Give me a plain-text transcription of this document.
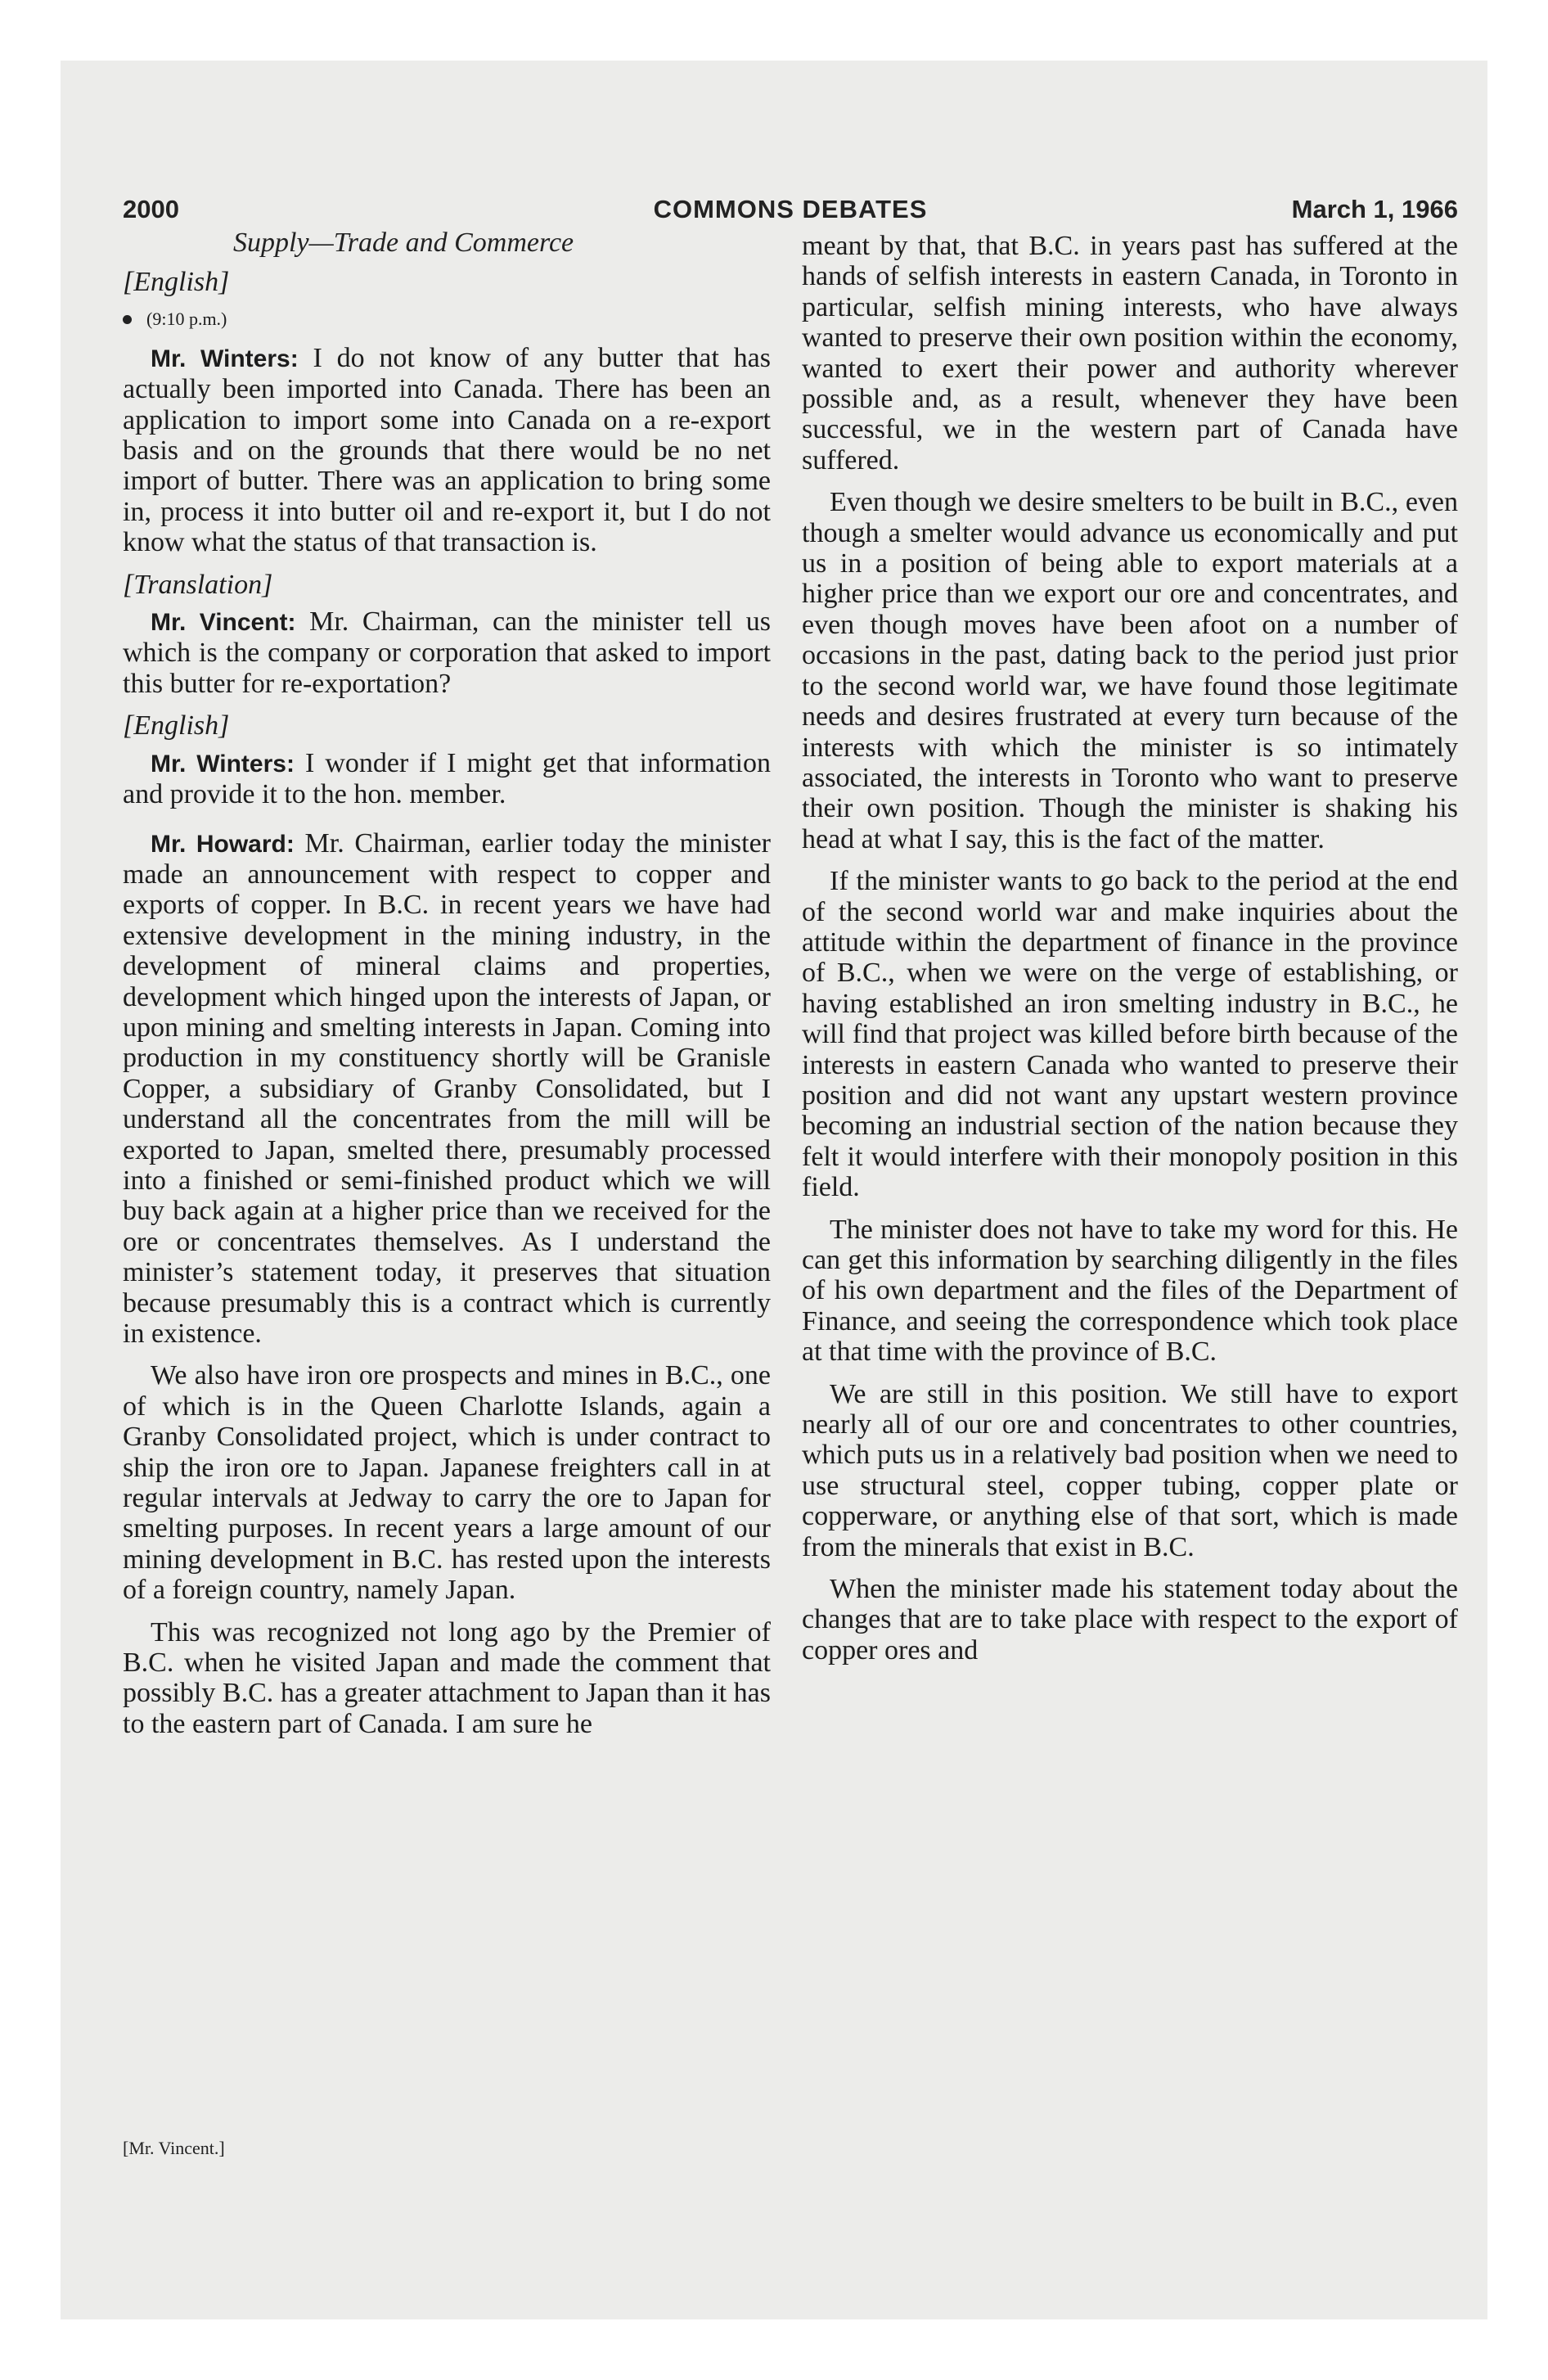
COMMONS DEBATES
2000	March 1, 1966
Supply—Trade and Commerce
[English]
(9:10 p.m.)

Mr. Winters: I do not know of any butter that has actually been imported into Canada. There has been an application to import some into Canada on a re-export basis and on the grounds that there would be no net import of butter. There was an application to bring some in, process it into butter oil and re-export it, but I do not know what the status of that transaction is.

[Translation]

Mr. Vincent: Mr. Chairman, can the minister tell us which is the company or corporation that asked to import this butter for re-exportation?

[English]

Mr. Winters: I wonder if I might get that information and provide it to the hon. member.

Mr. Howard: Mr. Chairman, earlier today the minister made an announcement with respect to copper and exports of copper. In B.C. in recent years we have had extensive development in the mining industry, in the development of mineral claims and properties, development which hinged upon the interests of Japan, or upon mining and smelting interests in Japan. Coming into production in my constituency shortly will be Granisle Copper, a subsidiary of Granby Consolidated, but I understand all the concentrates from the mill will be exported to Japan, smelted there, presumably processed into a finished or semi-finished product which we will buy back again at a higher price than we received for the ore or concentrates themselves. As I understand the minister’s statement today, it preserves that situation because presumably this is a contract which is currently in existence.

We also have iron ore prospects and mines in B.C., one of which is in the Queen Charlotte Islands, again a Granby Consolidated project, which is under contract to ship the iron ore to Japan. Japanese freighters call in at regular intervals at Jedway to carry the ore to Japan for smelting purposes. In recent years a large amount of our mining development in B.C. has rested upon the interests of a foreign country, namely Japan.

This was recognized not long ago by the Premier of B.C. when he visited Japan and made the comment that possibly B.C. has a greater attachment to Japan than it has to the eastern part of Canada. I am sure he

[Mr. Vincent.]

meant by that, that B.C. in years past has suffered at the hands of selfish interests in eastern Canada, in Toronto in particular, selfish mining interests, who have always wanted to preserve their own position within the economy, wanted to exert their power and authority wherever possible and, as a result, whenever they have been successful, we in the western part of Canada have suffered.

Even though we desire smelters to be built in B.C., even though a smelter would advance us economically and put us in a position of being able to export materials at a higher price than we export our ore and concentrates, and even though moves have been afoot on a number of occasions in the past, dating back to the period just prior to the second world war, we have found those legitimate needs and desires frustrated at every turn because of the interests with which the minister is so intimately associated, the interests in Toronto who want to preserve their own position. Though the minister is shaking his head at what I say, this is the fact of the matter.

If the minister wants to go back to the period at the end of the second world war and make inquiries about the attitude within the department of finance in the province of B.C., when we were on the verge of establishing, or having established an iron smelting industry in B.C., he will find that project was killed before birth because of the interests in eastern Canada who wanted to preserve their position and did not want any upstart western province becoming an industrial section of the nation because they felt it would interfere with their monopoly position in this field.

The minister does not have to take my word for this. He can get this information by searching diligently in the files of his own department and the files of the Department of Finance, and seeing the correspondence which took place at that time with the province of B.C.

We are still in this position. We still have to export nearly all of our ore and concentrates to other countries, which puts us in a relatively bad position when we need to use structural steel, copper tubing, copper plate or copperware, or anything else of that sort, which is made from the minerals that exist in B.C.

When the minister made his statement today about the changes that are to take place with respect to the export of copper ores and
